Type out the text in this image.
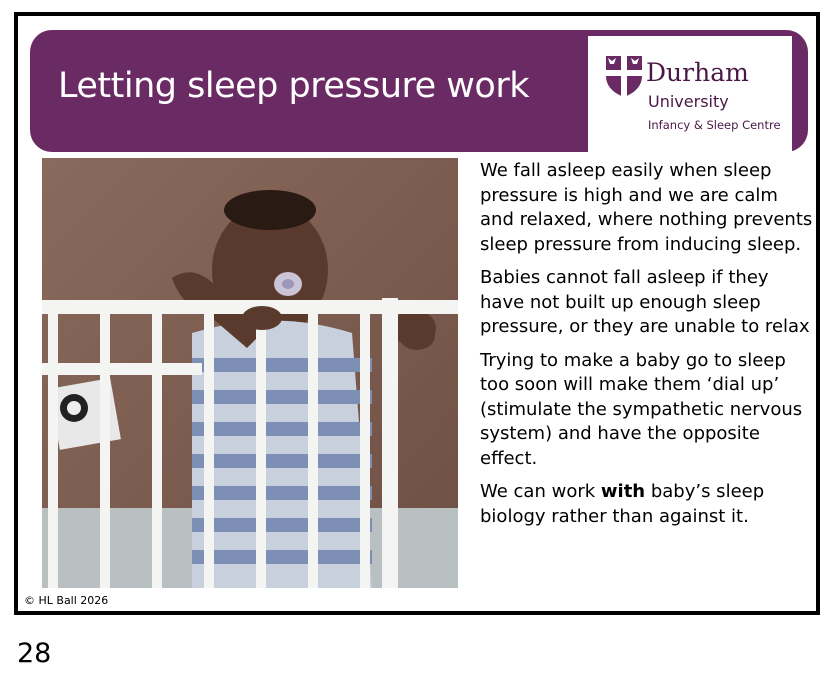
Letting sleep pressure work	Durham
University
Infancy & Sleep Centre

We fall asleep easily when sleep pressure is high and we are calm and relaxed, where nothing prevents sleep pressure from inducing sleep.

Babies cannot fall asleep if they have not built up enough sleep pressure, or they are unable to relax

Trying to make a baby go to sleep too soon will make them ‘dial up’ (stimulate the sympathetic nervous system) and have the opposite effect.

We can work with baby’s sleep biology rather than against it.

© HL Ball 2026
28
